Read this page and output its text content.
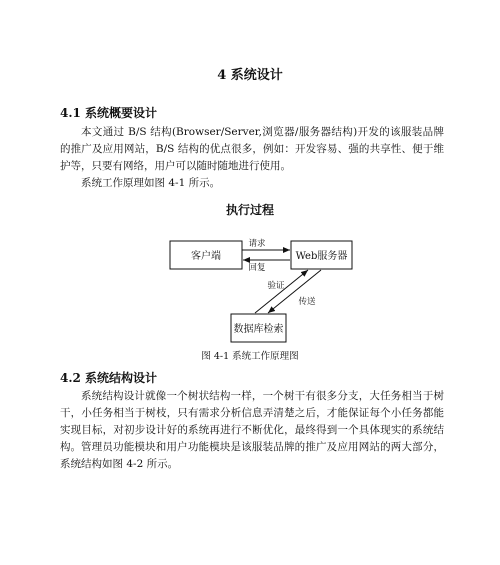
4 系统设计
4.1 系统概要设计

本文通过 B/S 结构(Browser/Server,浏览器/服务器结构)开发的该服装品牌的推广及应用网站，B/S 结构的优点很多，例如：开发容易、强的共享性、便于维护等，只要有网络，用户可以随时随地进行使用。

系统工作原理如图 4-1 所示。

执行过程
客户端	Web服务器
数据库检索
请求
回复
验证
传送
图 4-1 系统工作原理图
4.2 系统结构设计

系统结构设计就像一个树状结构一样，一个树干有很多分支，大任务相当于树干，小任务相当于树枝，只有需求分析信息弄清楚之后，才能保证每个小任务都能实现目标，对初步设计好的系统再进行不断优化，最终得到一个具体现实的系统结构。 管理员功能模块和用户功能模块是该服装品牌的推广及应用网站的两大部分，系统结构如图 4-2 所示。
